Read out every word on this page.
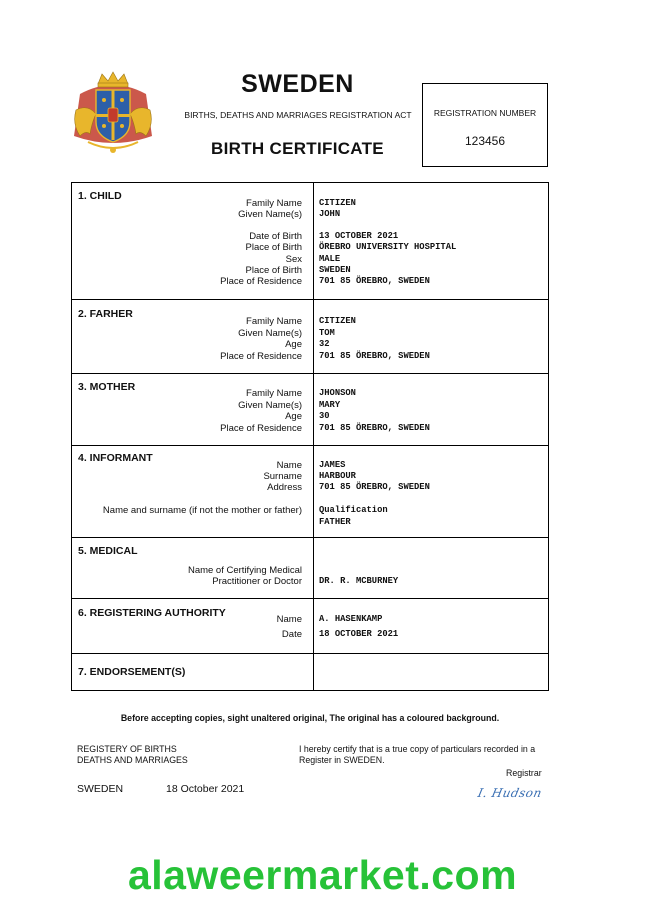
SWEDEN
BIRTHS, DEATHS AND MARRIAGES REGISTRATION ACT
BIRTH CERTIFICATE
REGISTRATION NUMBER
123456
1. CHILD
Family Name
Given Name(s)
Date of Birth
Place of Birth
Sex
Place of Birth
Place of Residence
CITIZEN
JOHN
13 OCTOBER 2021
ÖREBRO UNIVERSITY HOSPITAL
MALE
SWEDEN
701 85 ÖREBRO, SWEDEN
2. FARHER
Family Name
Given Name(s)
Age
Place of Residence
CITIZEN
TOM
32
701 85 ÖREBRO, SWEDEN
3. MOTHER
Family Name
Given Name(s)
Age
Place of Residence
JHONSON
MARY
30
701 85 ÖREBRO, SWEDEN
4. INFORMANT
Name
Surname
Address
Name and surname (if not the mother or father)
JAMES
HARBOUR
701 85 ÖREBRO, SWEDEN
Qualification
FATHER
5. MEDICAL
Name of Certifying Medical
Practitioner or Doctor	DR. R. MCBURNEY
6. REGISTERING AUTHORITY
Name
Date
A. HASENKAMP
18 OCTOBER 2021
7. ENDORSEMENT(S)
Before accepting copies, sight unaltered original, The original has a coloured background.
REGISTERY OF BIRTHS
DEATHS AND MARRIAGES
I hereby certify that is a true copy of particulars recorded in a
Register in SWEDEN.
Registrar
I. Hudson
SWEDEN	18 October 2021
alaweermarket.com
